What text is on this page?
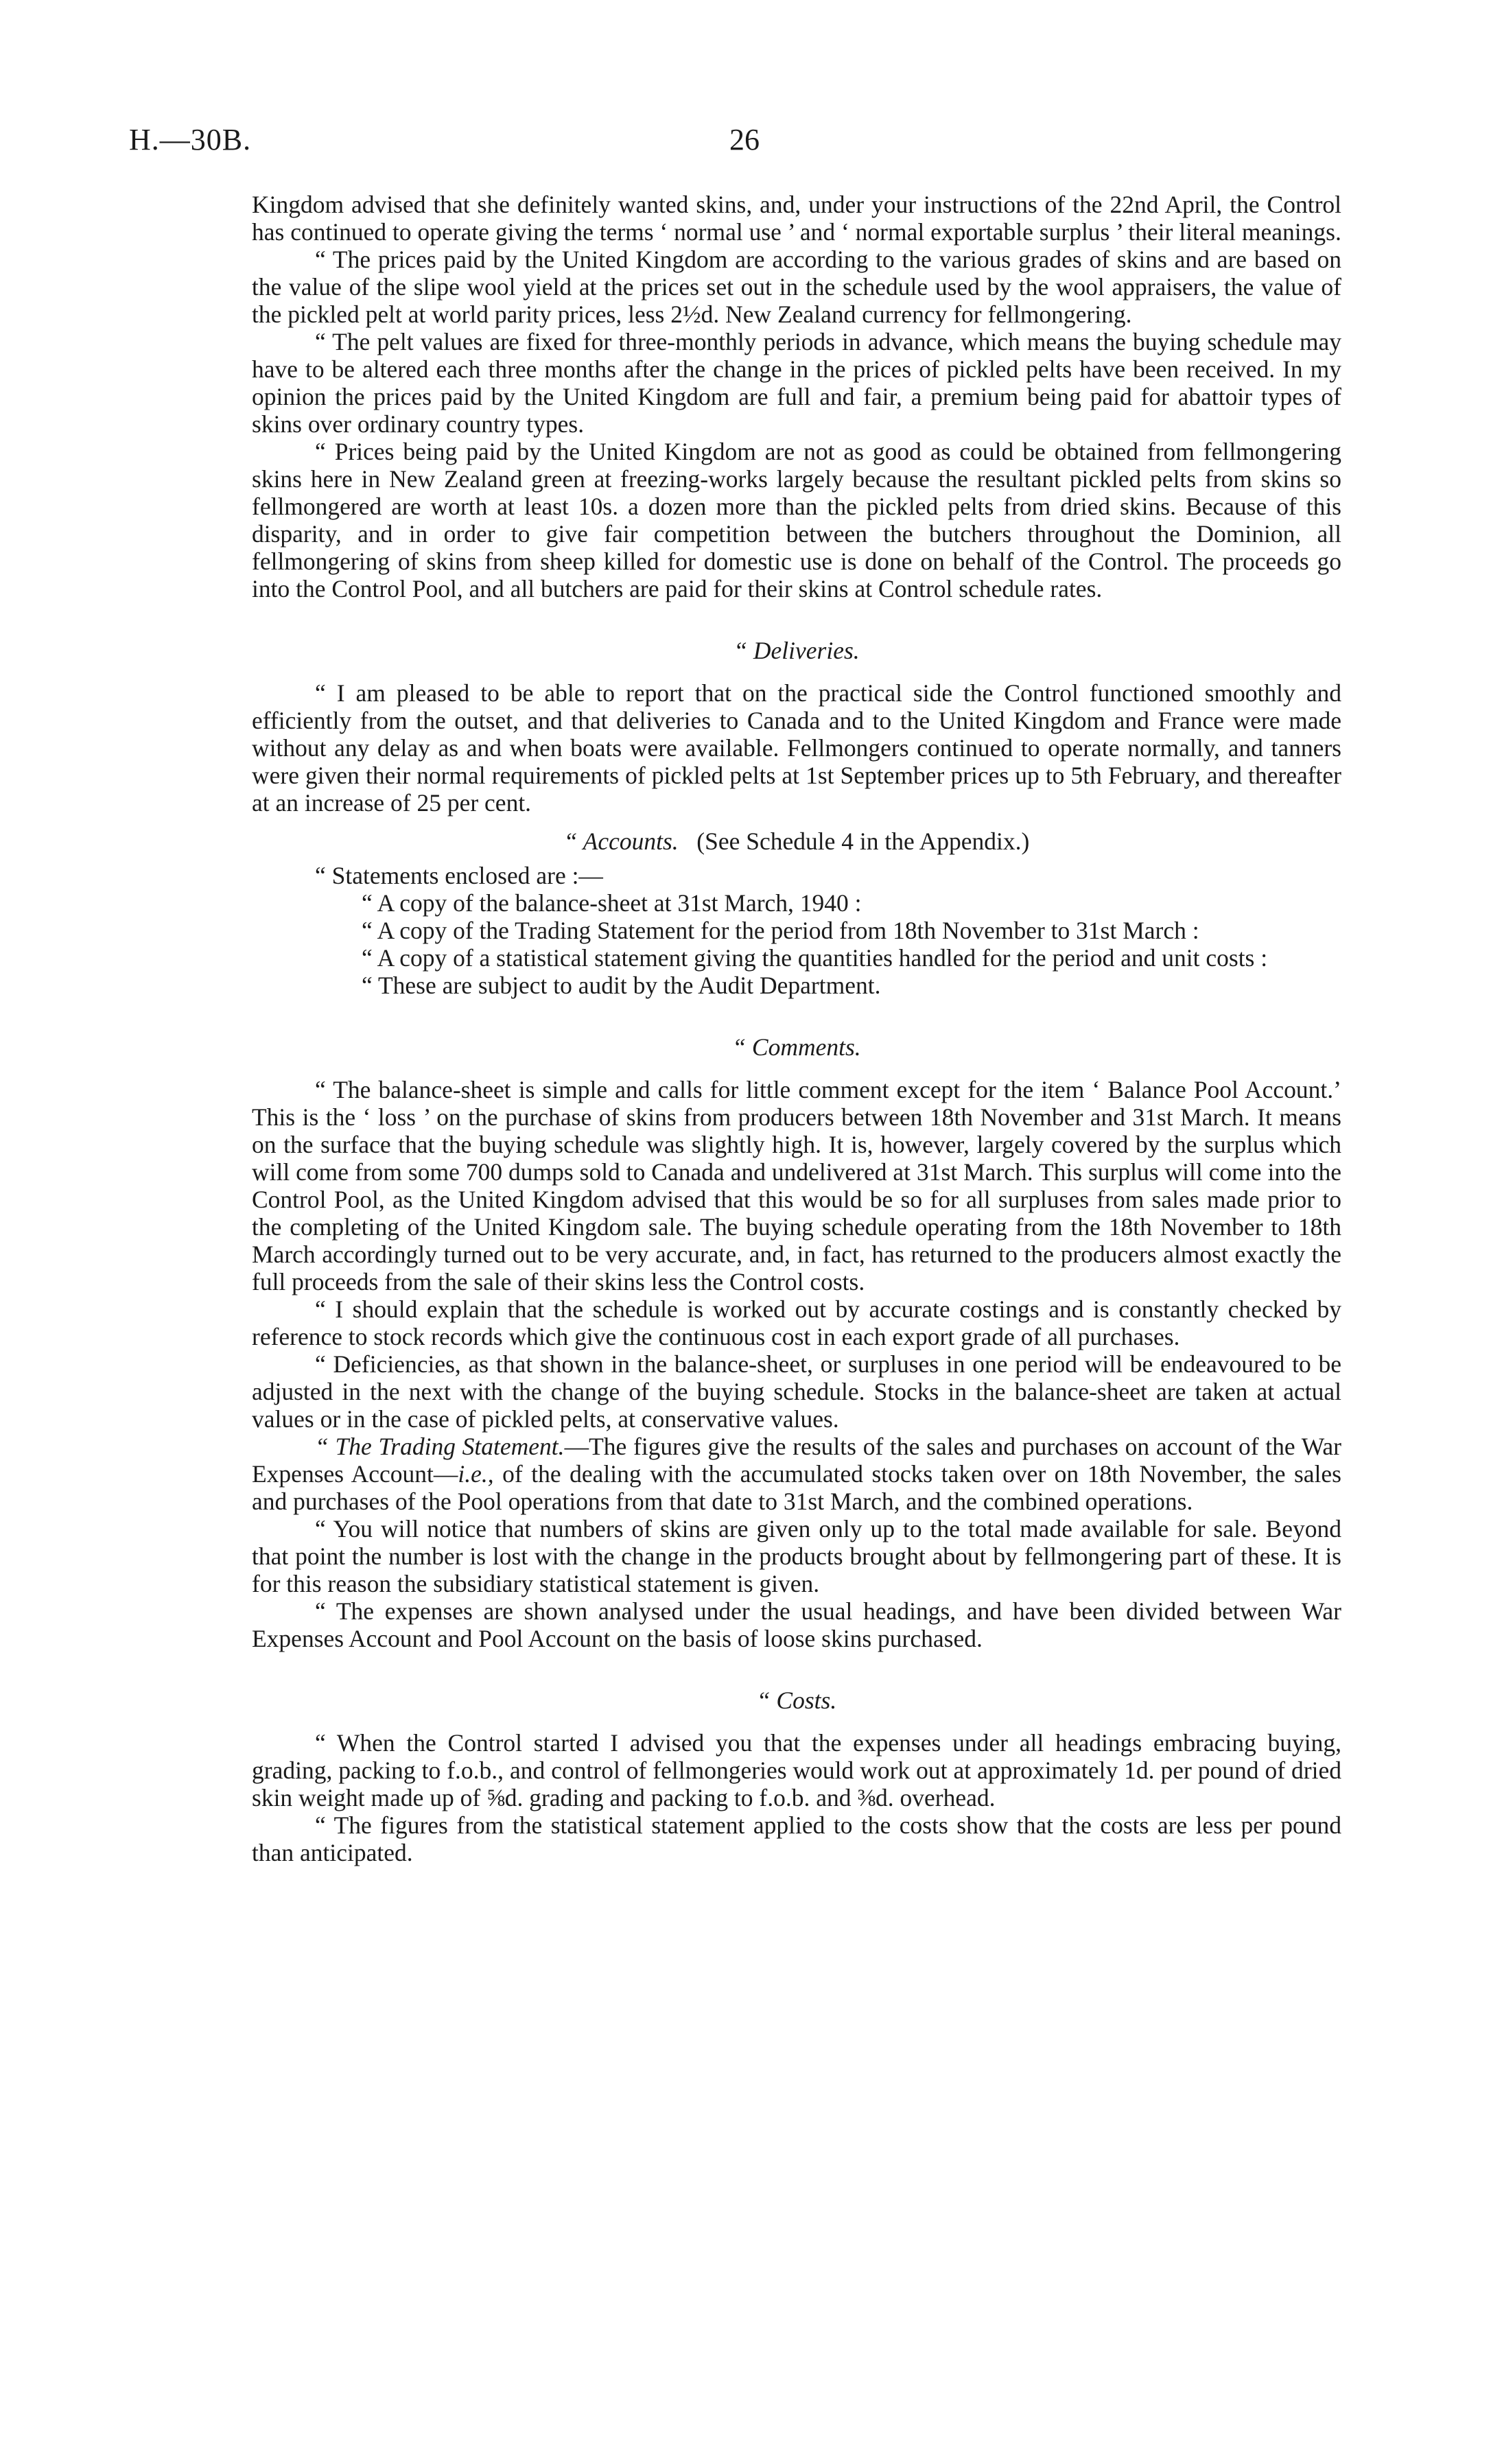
H.—30B.	26

Kingdom advised that she definitely wanted skins, and, under your instructions of the 22nd April, the Control has continued to operate giving the terms ‘ normal use ’ and ‘ normal exportable surplus ’ their literal meanings.

“ The prices paid by the United Kingdom are according to the various grades of skins and are based on the value of the slipe wool yield at the prices set out in the schedule used by the wool appraisers, the value of the pickled pelt at world parity prices, less 2½d. New Zealand currency for fellmongering.

“ The pelt values are fixed for three-monthly periods in advance, which means the buying schedule may have to be altered each three months after the change in the prices of pickled pelts have been received. In my opinion the prices paid by the United Kingdom are full and fair, a premium being paid for abattoir types of skins over ordinary country types.

“ Prices being paid by the United Kingdom are not as good as could be obtained from fellmongering skins here in New Zealand green at freezing-works largely because the resultant pickled pelts from skins so fellmongered are worth at least 10s. a dozen more than the pickled pelts from dried skins. Because of this disparity, and in order to give fair competition between the butchers throughout the Dominion, all fellmongering of skins from sheep killed for domestic use is done on behalf of the Control. The proceeds go into the Control Pool, and all butchers are paid for their skins at Control schedule rates.

“ Deliveries.

“ I am pleased to be able to report that on the practical side the Control functioned smoothly and efficiently from the outset, and that deliveries to Canada and to the United Kingdom and France were made without any delay as and when boats were available. Fellmongers continued to operate normally, and tanners were given their normal requirements of pickled pelts at 1st September prices up to 5th February, and thereafter at an increase of 25 per cent.

“ Accounts. (See Schedule 4 in the Appendix.)

“ Statements enclosed are :—

“ A copy of the balance-sheet at 31st March, 1940 :

“ A copy of the Trading Statement for the period from 18th November to 31st March :

“ A copy of a statistical statement giving the quantities handled for the period and unit costs :

“ These are subject to audit by the Audit Department.

“ Comments.

“ The balance-sheet is simple and calls for little comment except for the item ‘ Balance Pool Account.’ This is the ‘ loss ’ on the purchase of skins from producers between 18th November and 31st March. It means on the surface that the buying schedule was slightly high. It is, however, largely covered by the surplus which will come from some 700 dumps sold to Canada and undelivered at 31st March. This surplus will come into the Control Pool, as the United Kingdom advised that this would be so for all surpluses from sales made prior to the completing of the United Kingdom sale. The buying schedule operating from the 18th November to 18th March accordingly turned out to be very accurate, and, in fact, has returned to the producers almost exactly the full proceeds from the sale of their skins less the Control costs.

“ I should explain that the schedule is worked out by accurate costings and is constantly checked by reference to stock records which give the continuous cost in each export grade of all purchases.

“ Deficiencies, as that shown in the balance-sheet, or surpluses in one period will be endeavoured to be adjusted in the next with the change of the buying schedule. Stocks in the balance-sheet are taken at actual values or in the case of pickled pelts, at conservative values.

“ The Trading Statement.—The figures give the results of the sales and purchases on account of the War Expenses Account—i.e., of the dealing with the accumulated stocks taken over on 18th November, the sales and purchases of the Pool operations from that date to 31st March, and the combined operations.

“ You will notice that numbers of skins are given only up to the total made available for sale. Beyond that point the number is lost with the change in the products brought about by fellmongering part of these. It is for this reason the subsidiary statistical statement is given.

“ The expenses are shown analysed under the usual headings, and have been divided between War Expenses Account and Pool Account on the basis of loose skins purchased.

“ Costs.

“ When the Control started I advised you that the expenses under all headings embracing buying, grading, packing to f.o.b., and control of fellmongeries would work out at approximately 1d. per pound of dried skin weight made up of ⅝d. grading and packing to f.o.b. and ⅜d. overhead.

“ The figures from the statistical statement applied to the costs show that the costs are less per pound than anticipated.
